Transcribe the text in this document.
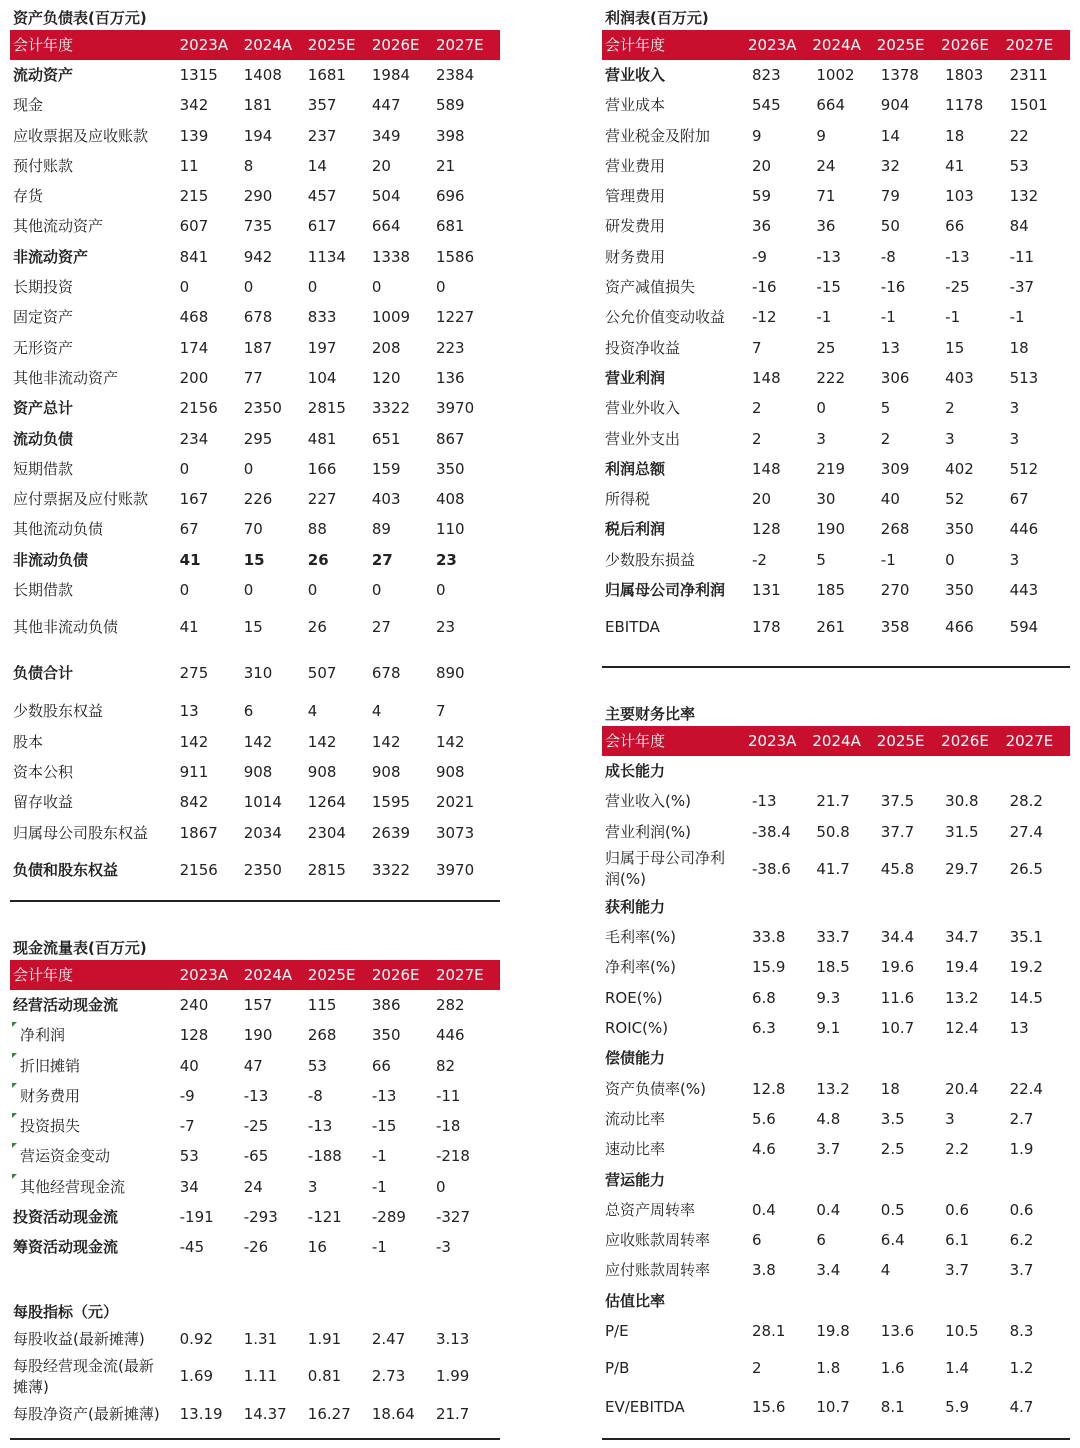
资产负债表(百万元)
会计年度	2023A	2024A	2025E	2026E	2027E
流动资产	1315	1408	1681	1984	2384
现金	342	181	357	447	589
应收票据及应收账款	139	194	237	349	398
预付账款	11	8	14	20	21
存货	215	290	457	504	696
其他流动资产	607	735	617	664	681
非流动资产	841	942	1134	1338	1586
长期投资	0	0	0	0	0
固定资产	468	678	833	1009	1227
无形资产	174	187	197	208	223
其他非流动资产	200	77	104	120	136
资产总计	2156	2350	2815	3322	3970
流动负债	234	295	481	651	867
短期借款	0	0	166	159	350
应付票据及应付账款	167	226	227	403	408
其他流动负债	67	70	88	89	110
非流动负债	41	15	26	27	23
长期借款	0	0	0	0	0
其他非流动负债	41	15	26	27	23
负债合计	275	310	507	678	890
少数股东权益	13	6	4	4	7
股本	142	142	142	142	142
资本公积	911	908	908	908	908
留存收益	842	1014	1264	1595	2021
归属母公司股东权益	1867	2034	2304	2639	3073
负债和股东权益	2156	2350	2815	3322	3970
利润表(百万元)
会计年度	2023A	2024A	2025E	2026E	2027E
营业收入	823	1002	1378	1803	2311
营业成本	545	664	904	1178	1501
营业税金及附加	9	9	14	18	22
营业费用	20	24	32	41	53
管理费用	59	71	79	103	132
研发费用	36	36	50	66	84
财务费用	-9	-13	-8	-13	-11
资产减值损失	-16	-15	-16	-25	-37
公允价值变动收益	-12	-1	-1	-1	-1
投资净收益	7	25	13	15	18
营业利润	148	222	306	403	513
营业外收入	2	0	5	2	3
营业外支出	2	3	2	3	3
利润总额	148	219	309	402	512
所得税	20	30	40	52	67
税后利润	128	190	268	350	446
少数股东损益	-2	5	-1	0	3
归属母公司净利润	131	185	270	350	443
EBITDA	178	261	358	466	594
主要财务比率
会计年度	2023A	2024A	2025E	2026E	2027E
成长能力
营业收入(%)	-13	21.7	37.5	30.8	28.2
营业利润(%)	-38.4	50.8	37.7	31.5	27.4
归属于母公司净利
润(%)
-38.6	41.7	45.8	29.7	26.5
获利能力
毛利率(%)	33.8	33.7	34.4	34.7	35.1
净利率(%)	15.9	18.5	19.6	19.4	19.2
ROE(%)	6.8	9.3	11.6	13.2	14.5
ROIC(%)	6.3	9.1	10.7	12.4	13
偿债能力
资产负债率(%)	12.8	13.2	18	20.4	22.4
流动比率	5.6	4.8	3.5	3	2.7
速动比率	4.6	3.7	2.5	2.2	1.9
营运能力
总资产周转率	0.4	0.4	0.5	0.6	0.6
应收账款周转率	6	6	6.4	6.1	6.2
应付账款周转率	3.8	3.4	4	3.7	3.7
估值比率
P/E	28.1	19.8	13.6	10.5	8.3
P/B	2	1.8	1.6	1.4	1.2
EV/EBITDA	15.6	10.7	8.1	5.9	4.7
现金流量表(百万元)
会计年度	2023A	2024A	2025E	2026E	2027E
经营活动现金流	240	157	115	386	282
净利润	128	190	268	350	446
折旧摊销	40	47	53	66	82
财务费用	-9	-13	-8	-13	-11
投资损失	-7	-25	-13	-15	-18
营运资金变动	53	-65	-188	-1	-218
其他经营现金流	34	24	3	-1	0
投资活动现金流	-191	-293	-121	-289	-327
筹资活动现金流	-45	-26	16	-1	-3
每股指标（元）
每股收益(最新摊薄)	0.92	1.31	1.91	2.47	3.13
每股经营现金流(最新
摊薄)
1.69	1.11	0.81	2.73	1.99
每股净资产(最新摊薄)	13.19	14.37	16.27	18.64	21.7
